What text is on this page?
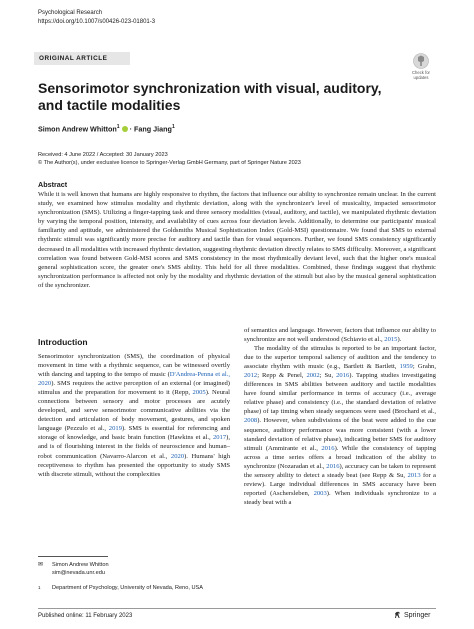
Psychological Research
https://doi.org/10.1007/s00426-023-01801-3
ORIGINAL ARTICLE
Check for
updates
Sensorimotor synchronization with visual, auditory, and tactile modalities
Simon Andrew Whitton$^1$ · Fang Jiang$^1$
Received: 4 June 2022 / Accepted: 30 January 2023
© The Author(s), under exclusive licence to Springer-Verlag GmbH Germany, part of Springer Nature 2023
Abstract

While it is well known that humans are highly responsive to rhythm, the factors that influence our ability to synchronize remain unclear. In the current study, we examined how stimulus modality and rhythmic deviation, along with the synchronizer's level of musicality, impacted sensorimotor synchronization (SMS). Utilizing a finger-tapping task and three sensory modalities (visual, auditory, and tactile), we manipulated rhythmic deviation by varying the temporal position, intensity, and availability of cues across four deviation levels. Additionally, to determine our participants' musical familiarity and aptitude, we administered the Goldsmiths Musical Sophistication Index (Gold-MSI) questionnaire. We found that SMS to external rhythmic stimuli was significantly more precise for auditory and tactile than for visual sequences. Further, we found SMS consistency significantly decreased in all modalities with increased rhythmic deviation, suggesting rhythmic deviation directly relates to SMS difficulty. Moreover, a significant correlation was found between Gold-MSI scores and SMS consistency in the most rhythmically deviant level, such that the higher one's musical general sophistication score, the greater one's SMS ability. This held for all three modalities. Combined, these findings suggest that rhythmic synchronization performance is affected not only by the modality and rhythmic deviation of the stimuli but also by the musical general sophistication of the synchronizer.

Introduction

Sensorimotor synchronization (SMS), the coordination of physical movement in time with a rhythmic sequence, can be witnessed overtly with dancing and tapping to the tempo of music (D'Andrea-Penna et al., 2020). SMS requires the active perception of an external (or imagined) stimulus and the preparation for movement to it (Repp, 2005). Neural connections between sensory and motor processes are acutely developed, and serve sensorimotor communicative abilities via the detection and articulation of body movement, gestures, and spoken language (Pezzulo et al., 2019). SMS is essential for referencing and storage of knowledge, and basic brain function (Hawkins et al., 2017), and is of flourishing interest in the fields of neuroscience and human–robot communication (Navarro-Alarcon et al., 2020). Humans' high receptiveness to rhythm has presented the opportunity to study SMS with discrete stimuli, without the complexities

of semantics and language. However, factors that influence our ability to synchronize are not well understood (Schiavio et al., 2015).

The modality of the stimulus is reported to be an important factor, due to the superior temporal saliency of audition and the tendency to associate rhythm with music (e.g., Bartlett & Bartlett, 1959; Grahn, 2012; Repp & Penel, 2002; Su, 2016). Tapping studies investigating differences in SMS abilities between auditory and tactile modalities have found similar performance in terms of accuracy (i.e., average relative phase) and consistency (i.e., the standard deviation of relative phase) of tap timing when steady sequences were used (Brochard et al., 2008). However, when subdivisions of the beat were added to the cue sequence, auditory performance was more consistent (with a lower standard deviation of relative phase), indicating better SMS for auditory stimuli (Ammirante et al., 2016). While the consistency of tapping across a time series offers a broad indication of the ability to synchronize (Nozaradan et al., 2016), accuracy can be taken to represent the sensory ability to detect a steady beat (see Repp & Su, 2013 for a review). Large individual differences in SMS accuracy have been reported (Aschersleben, 2003). When individuals synchronize to a steady beat with a

✉ Simon Andrew Whitton
sim@nevada.unr.edu
1 Department of Psychology, University of Nevada, Reno, USA
Published online: 11 February 2023	Springer
